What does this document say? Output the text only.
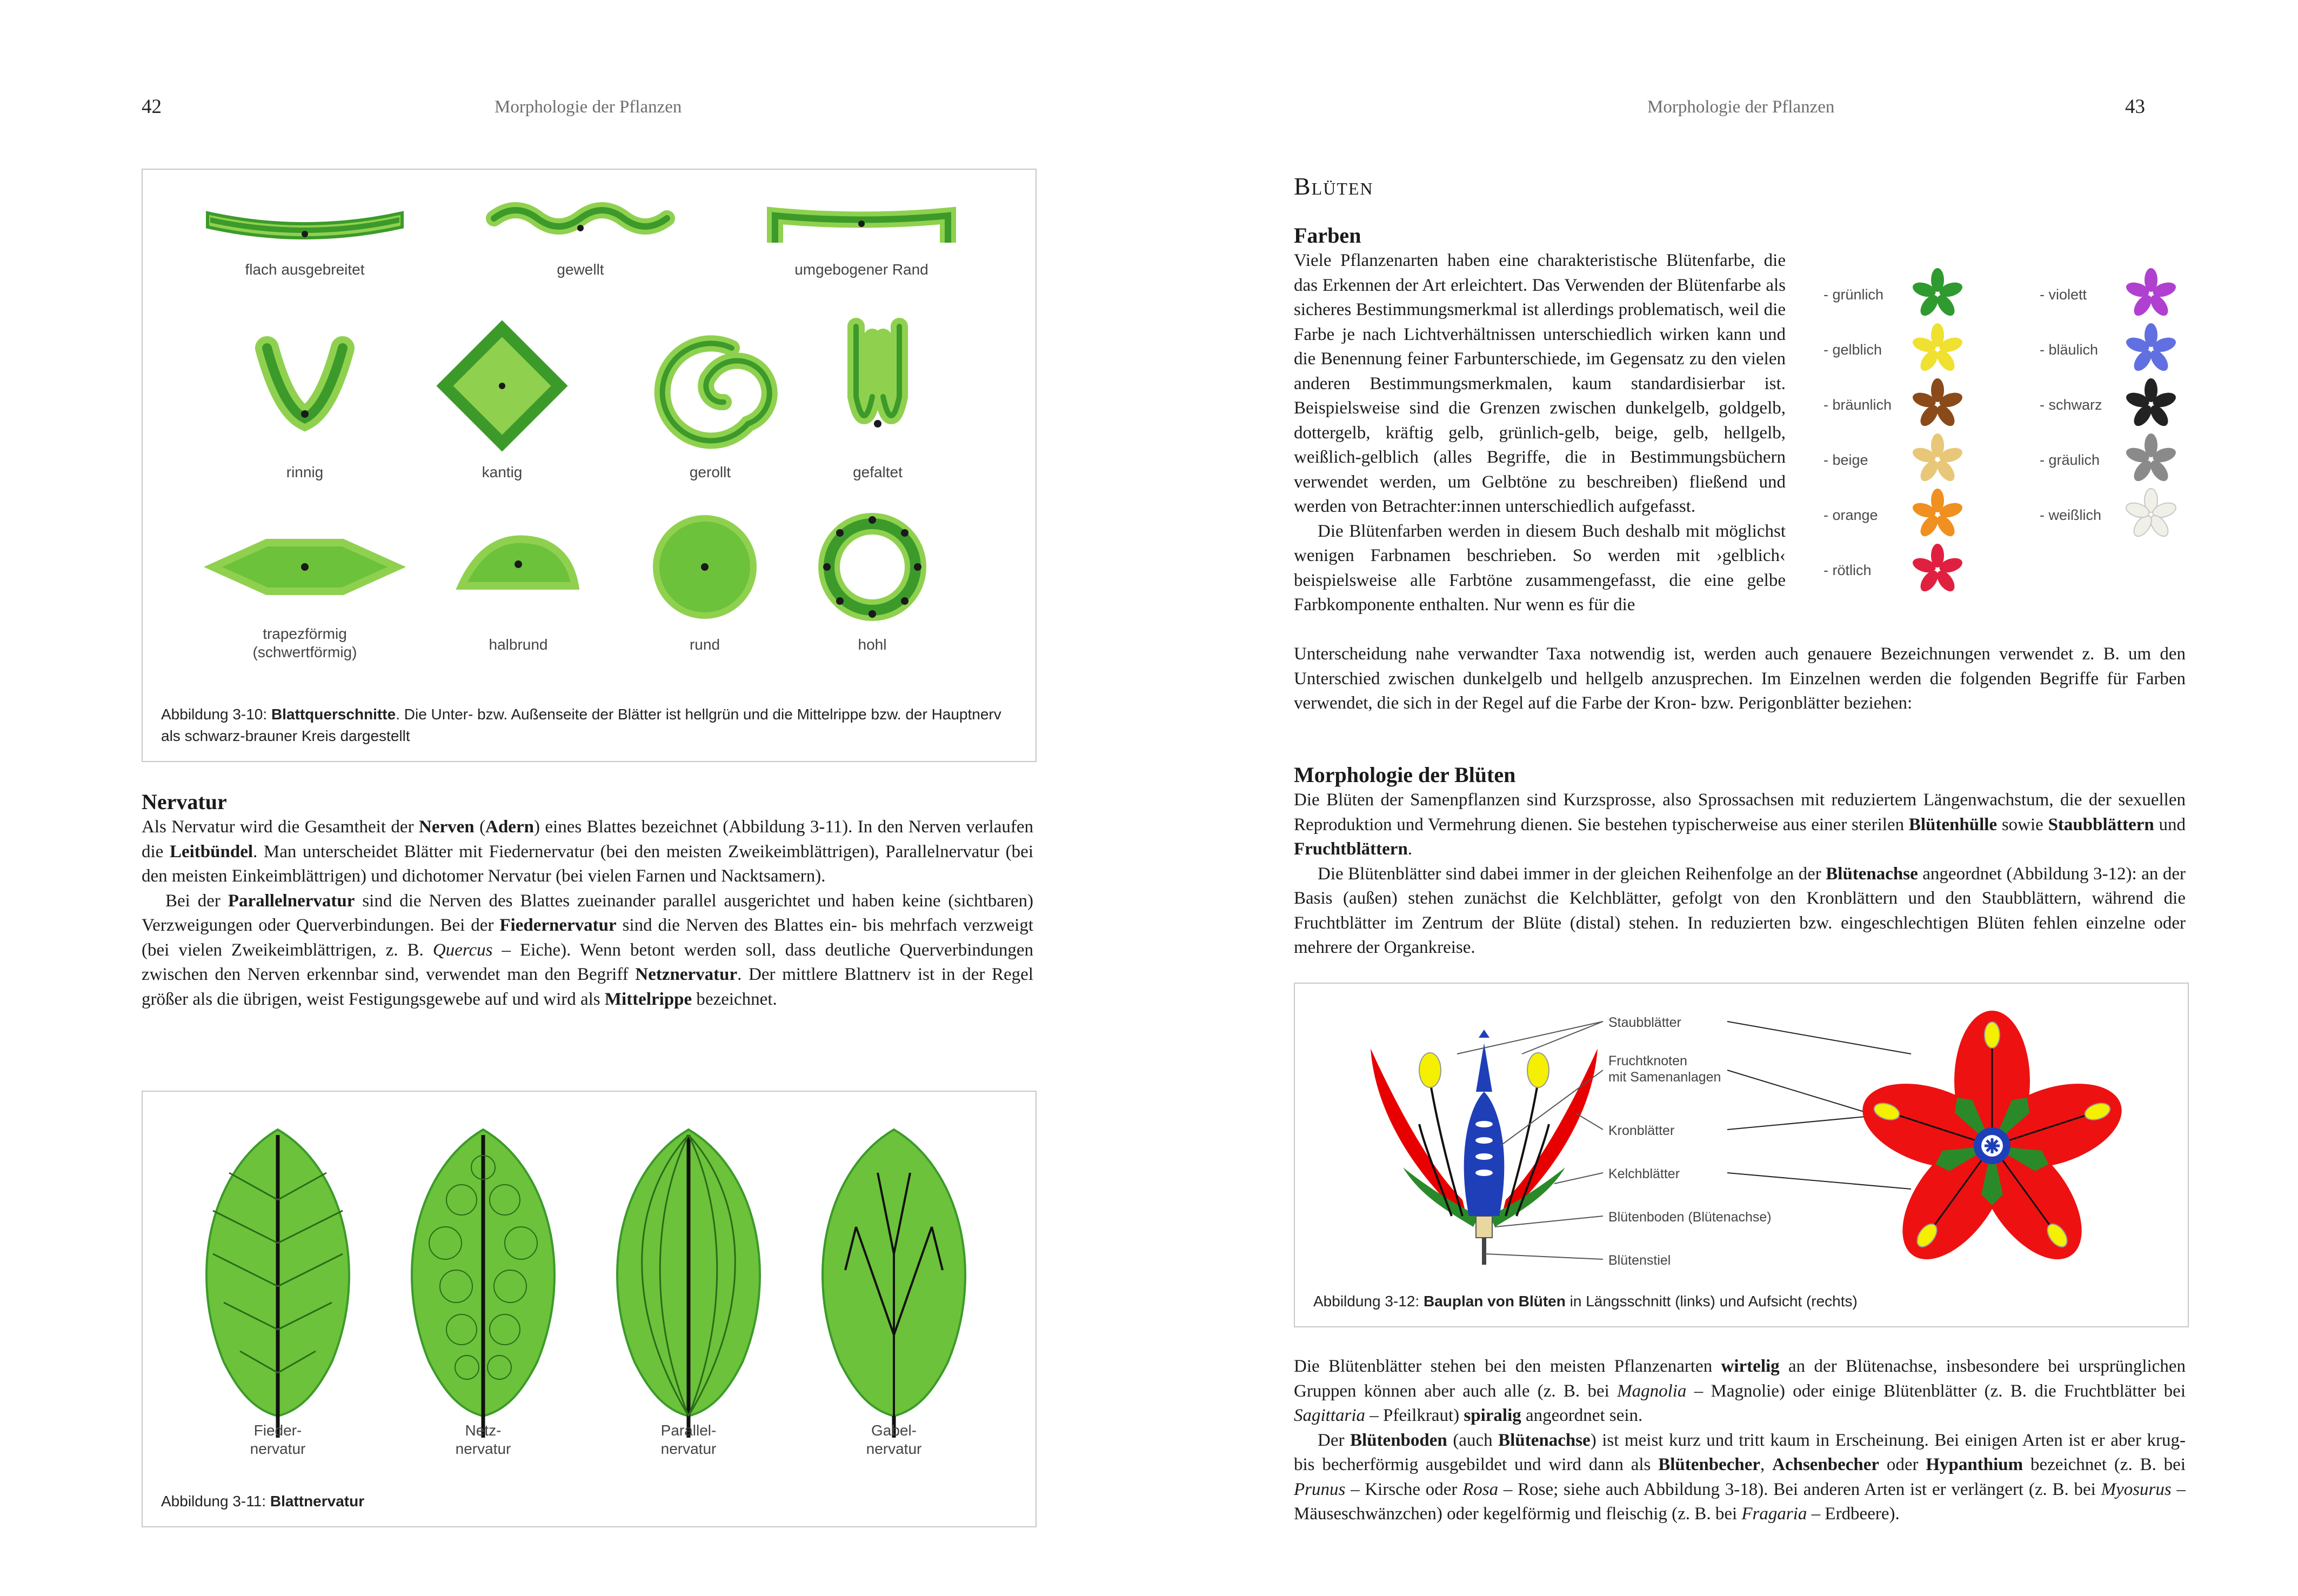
42	Morphologie der Pflanzen
flach ausgebreitet	gewellt	umgebogener Rand
rinnig	kantig	gerollt	gefaltet
trapezförmig
(schwertförmig)	halbrund	rund	hohl
Abbildung 3-10: Blattquerschnitte. Die Unter- bzw. Außenseite der Blätter ist hellgrün und die Mittelrippe bzw. der Hauptnerv als schwarz-brauner Kreis dargestellt
Nervatur

Als Nervatur wird die Gesamtheit der Nerven (Adern) eines Blattes bezeichnet (Abbildung 3-11). In den Nerven verlaufen die Leitbündel. Man unterscheidet Blätter mit Fiedernervatur (bei den meisten Zweikeimblättrigen), Parallelnervatur (bei den meisten Einkeimblättrigen) und dichotomer Nervatur (bei vielen Farnen und Nacktsamern).

Bei der Parallelnervatur sind die Nerven des Blattes zueinander parallel ausgerichtet und haben keine (sichtbaren) Verzweigungen oder Querverbindungen. Bei der Fiedernervatur sind die Nerven des Blattes ein- bis mehrfach verzweigt (bei vielen Zweikeimblättrigen, z. B. Quercus – Eiche). Wenn betont werden soll, dass deutliche Querverbindungen zwischen den Nerven erkennbar sind, verwendet man den Begriff Netznervatur. Der mittlere Blattnerv ist in der Regel größer als die übrigen, weist Festigungsgewebe auf und wird als Mittelrippe bezeichnet.

Fieder-
nervatur
Netz-
nervatur
Parallel-
nervatur
Gabel-
nervatur
Abbildung 3-11: Blattnervatur
Morphologie der Pflanzen	43
Blüten
Farben

Viele Pflanzenarten haben eine charakteristische Blütenfarbe, die das Erkennen der Art erleichtert. Das Verwenden der Blütenfarbe als sicheres Bestimmungsmerkmal ist allerdings problematisch, weil die Farbe je nach Lichtverhältnissen unterschiedlich wirken kann und die Benennung feiner Farbunterschiede, im Gegensatz zu den vielen anderen Bestimmungsmerkmalen, kaum standardisierbar ist. Beispielsweise sind die Grenzen zwischen dunkelgelb, goldgelb, dottergelb, kräftig gelb, grünlich-gelb, beige, gelb, hellgelb, weißlich-gelblich (alles Begriffe, die in Bestimmungsbüchern verwendet werden, um Gelbtöne zu beschreiben) fließend und werden von Betrachter:innen unterschiedlich aufgefasst.

Die Blütenfarben werden in diesem Buch deshalb mit möglichst wenigen Farbnamen beschrieben. So werden mit ›gelblich‹ beispielsweise alle Farbtöne zusammengefasst, die eine gelbe Farbkomponente enthalten. Nur wenn es für die

Unterscheidung nahe verwandter Taxa notwendig ist, werden auch genauere Bezeichnungen verwendet z. B. um den Unterschied zwischen dunkelgelb und hellgelb anzusprechen. Im Einzelnen werden die folgenden Begriffe für Farben verwendet, die sich in der Regel auf die Farbe der Kron- bzw. Perigonblätter beziehen:

- grünlich
- gelblich
- bräunlich
- beige
- orange
- rötlich
- violett
- bläulich
- schwarz
- gräulich
- weißlich
Morphologie der Blüten

Die Blüten der Samenpflanzen sind Kurzsprosse, also Sprossachsen mit reduziertem Längenwachstum, die der sexuellen Reproduktion und Vermehrung dienen. Sie bestehen typischerweise aus einer sterilen Blütenhülle sowie Staubblättern und Fruchtblättern.

Die Blütenblätter sind dabei immer in der gleichen Reihenfolge an der Blütenachse angeordnet (Abbildung 3-12): an der Basis (außen) stehen zunächst die Kelchblätter, gefolgt von den Kronblättern und den Staubblättern, während die Fruchtblätter im Zentrum der Blüte (distal) stehen. In reduzierten bzw. eingeschlechtigen Blüten fehlen einzelne oder mehrere der Organkreise.

Staubblätter
Fruchtknoten
mit Samenanlagen
Kronblätter
Kelchblätter
Blütenboden (Blütenachse)
Blütenstiel
Abbildung 3-12: Bauplan von Blüten in Längsschnitt (links) und Aufsicht (rechts)

Die Blütenblätter stehen bei den meisten Pflanzenarten wirtelig an der Blütenachse, insbesondere bei ursprünglichen Gruppen können aber auch alle (z. B. bei Magnolia – Magnolie) oder einige Blütenblätter (z. B. die Fruchtblätter bei Sagittaria – Pfeilkraut) spiralig angeordnet sein.

Der Blütenboden (auch Blütenachse) ist meist kurz und tritt kaum in Erscheinung. Bei einigen Arten ist er aber krug- bis becherförmig ausgebildet und wird dann als Blütenbecher, Achsenbecher oder Hypanthium bezeichnet (z. B. bei Prunus – Kirsche oder Rosa – Rose; siehe auch Abbildung 3-18). Bei anderen Arten ist er verlängert (z. B. bei Myosurus – Mäuseschwänzchen) oder kegelförmig und fleischig (z. B. bei Fragaria – Erdbeere).
